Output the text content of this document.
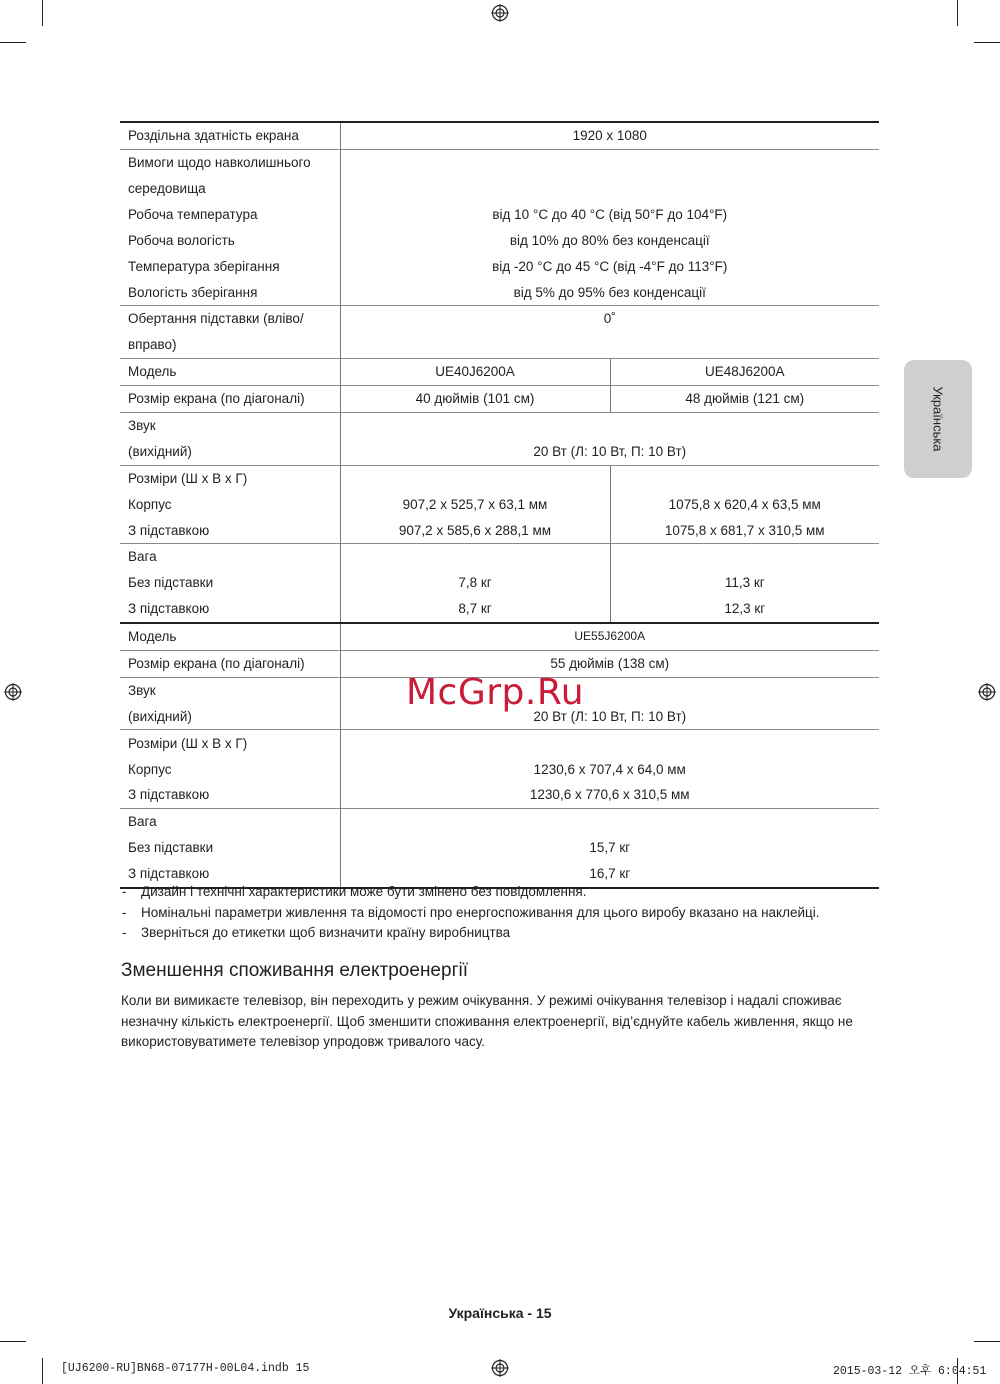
Роздільна здатність екрана	1920 x 1080	
Вимоги щодо навколишнього		
середовища		
Робоча температура	від 10 °C до 40 °C (від 50°F до 104°F)	
Робоча вологість	від 10% до 80% без конденсації	
Температура зберігання	від -20 °C до 45 °C (від -4°F до 113°F)	
Вологість зберігання	від 5% до 95% без конденсації	
Обертання підставки (вліво/	0˚	
вправо)		
Модель	UE40J6200A	UE48J6200A
Розмір екрана (по діагоналі)	40 дюймів (101 см)	48 дюймів (121 см)
Звук		
(вихідний)	20 Вт (Л: 10 Вт, П: 10 Вт)	
Розміри (Ш x В x Г)		
Корпус	907,2 x 525,7 x 63,1 мм	1075,8 x 620,4 x 63,5 мм
З підставкою	907,2 x 585,6 x 288,1 мм	1075,8 x 681,7 x 310,5 мм
Вага		
Без підставки	7,8 кг	11,3 кг
З підставкою	8,7 кг	12,3 кг
Модель	UE55J6200A	
Розмір екрана (по діагоналі)	55 дюймів (138 см)	
Звук		
(вихідний)	20 Вт (Л: 10 Вт, П: 10 Вт)	
Розміри (Ш x В x Г)		
Корпус	1230,6 x 707,4 x 64,0 мм	
З підставкою	1230,6 x 770,6 x 310,5 мм	
Вага		
Без підставки	15,7 кг	
З підставкою	16,7 кг	
- Дизайн і технічні характеристики може бути змінено без повідомлення.
- Номінальні параметри живлення та відомості про енергоспоживання для цього виробу вказано на наклейці.
- Зверніться до етикетки щоб визначити країну виробництва
Зменшення споживання електроенергії

Коли ви вимикаєте телевізор, він переходить у режим очікування. У режимі очікування телевізор і надалі споживає незначну кількість електроенергії. Щоб зменшити споживання електроенергії, від’єднуйте кабель живлення, якщо не використовуватимете телевізор упродовж тривалого часу.

Українська
McGrp.Ru
Українська - 15
[UJ6200-RU]BN68-07177H-00L04.indb 15	2015-03-12 오후 6:04:51
